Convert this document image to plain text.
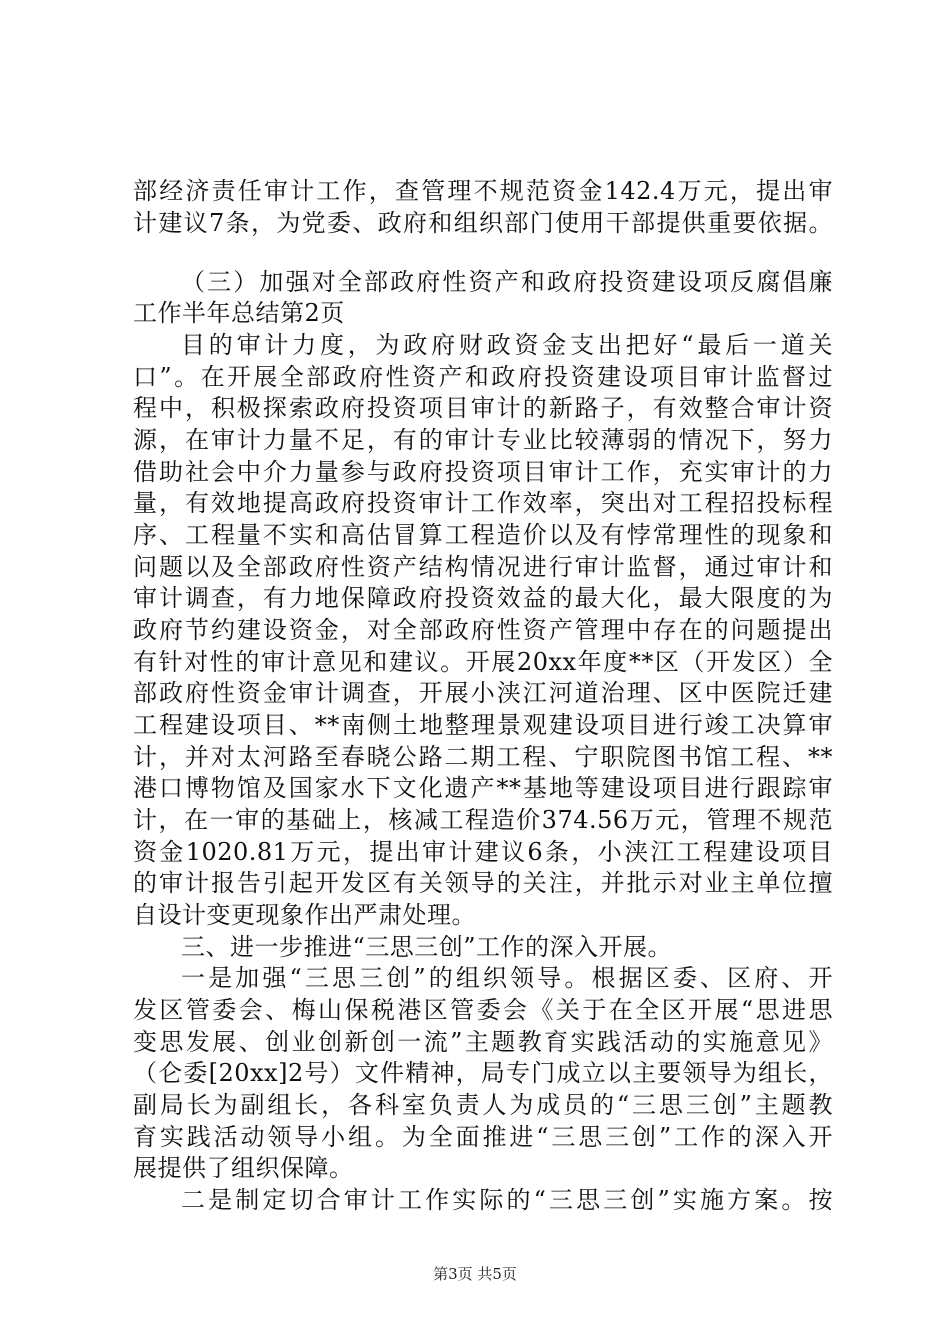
部经济责任审计工作，查管理不规范资金142.4万元，提出审
计建议7条，为党委、政府和组织部门使用干部提供重要依据。
（三）加强对全部政府性资产和政府投资建设项反腐倡廉
工作半年总结第2页
目的审计力度，为政府财政资金支出把好“最后一道关
口”。在开展全部政府性资产和政府投资建设项目审计监督过
程中，积极探索政府投资项目审计的新路子，有效整合审计资
源，在审计力量不足，有的审计专业比较薄弱的情况下，努力
借助社会中介力量参与政府投资项目审计工作，充实审计的力
量，有效地提高政府投资审计工作效率，突出对工程招投标程
序、工程量不实和高估冒算工程造价以及有悖常理性的现象和
问题以及全部政府性资产结构情况进行审计监督，通过审计和
审计调查，有力地保障政府投资效益的最大化，最大限度的为
政府节约建设资金，对全部政府性资产管理中存在的问题提出
有针对性的审计意见和建议。开展20xx年度**区（开发区）全
部政府性资金审计调查，开展小浃江河道治理、区中医院迁建
工程建设项目、**南侧土地整理景观建设项目进行竣工决算审
计，并对太河路至春晓公路二期工程、宁职院图书馆工程、**
港口博物馆及国家水下文化遗产**基地等建设项目进行跟踪审
计，在一审的基础上，核减工程造价374.56万元，管理不规范
资金1020.81万元，提出审计建议6条，小浃江工程建设项目
的审计报告引起开发区有关领导的关注，并批示对业主单位擅
自设计变更现象作出严肃处理。
三、进一步推进“三思三创”工作的深入开展。
一是加强“三思三创”的组织领导。根据区委、区府、开
发区管委会、梅山保税港区管委会《关于在全区开展“思进思
变思发展、创业创新创一流”主题教育实践活动的实施意见》
（仑委[20xx]2号）文件精神，局专门成立以主要领导为组长，
副局长为副组长，各科室负责人为成员的“三思三创”主题教
育实践活动领导小组。为全面推进“三思三创”工作的深入开
展提供了组织保障。
二是制定切合审计工作实际的“三思三创”实施方案。按
第3页 共5页
